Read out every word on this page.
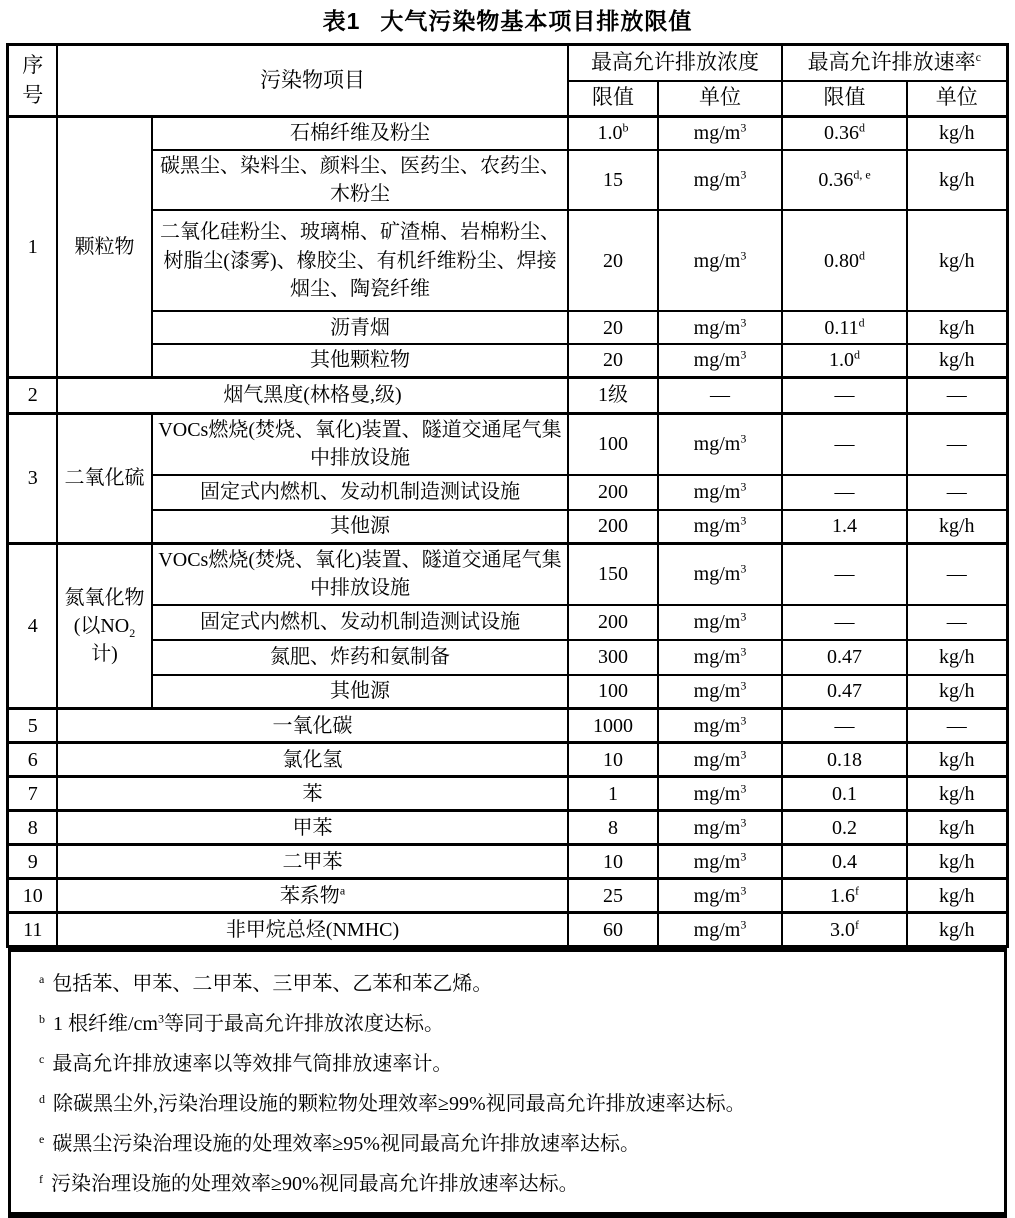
表1 大气污染物基本项目排放限值
序
号	污染物项目		最高允许排放浓度		最高允许排放速率$^c$
			限值	单位	限值	单位
1	颗粒物	石棉纤维及粉尘	1.0$^b$	$mg/m^3$	0.36$^d$	kg/h
		碳黑尘、染料尘、颜料尘、医药尘、农药尘、木粉尘	15	$mg/m^3$	0.36$^{d, e}$	kg/h
		二氧化硅粉尘、玻璃棉、矿渣棉、岩棉粉尘、树脂尘(漆雾)、橡胶尘、有机纤维粉尘、焊接烟尘、陶瓷纤维	20	$mg/m^3$	0.80$^d$	kg/h
		沥青烟	20	$mg/m^3$	0.11$^d$	kg/h
		其他颗粒物	20	$mg/m^3$	1.0$^d$	kg/h
2	烟气黑度(林格曼,级)		1级	—	—	—
3	二氧化硫	VOCs燃烧(焚烧、氧化)装置、隧道交通尾气集中排放设施	100	$mg/m^3$	—	—
		固定式内燃机、发动机制造测试设施	200	$mg/m^3$	—	—
		其他源	200	$mg/m^3$	1.4	kg/h
4	氮氧化物(以$NO_2$计)	VOCs燃烧(焚烧、氧化)装置、隧道交通尾气集中排放设施	150	$mg/m^3$	—	—
		固定式内燃机、发动机制造测试设施	200	$mg/m^3$	—	—
		氮肥、炸药和氨制备	300	$mg/m^3$	0.47	kg/h
		其他源	100	$mg/m^3$	0.47	kg/h
5	一氧化碳		1000	$mg/m^3$	—	—
6	氯化氢		10	$mg/m^3$	0.18	kg/h
7	苯		1	$mg/m^3$	0.1	kg/h
8	甲苯		8	$mg/m^3$	0.2	kg/h
9	二甲苯		10	$mg/m^3$	0.4	kg/h
10	苯系物$^a$		25	$mg/m^3$	1.6$^f$	kg/h
11	非甲烷总烃(NMHC)		60	$mg/m^3$	3.0$^f$	kg/h
$^a$ 包括苯、甲苯、二甲苯、三甲苯、乙苯和苯乙烯。
$^b$ 1 根纤维$/cm^3$等同于最高允许排放浓度达标。
$^c$ 最高允许排放速率以等效排气筒排放速率计。
$^d$ 除碳黑尘外,污染治理设施的颗粒物处理效率≥99%视同最高允许排放速率达标。
$^e$ 碳黑尘污染治理设施的处理效率≥95%视同最高允许排放速率达标。
$^f$ 污染治理设施的处理效率≥90%视同最高允许排放速率达标。
